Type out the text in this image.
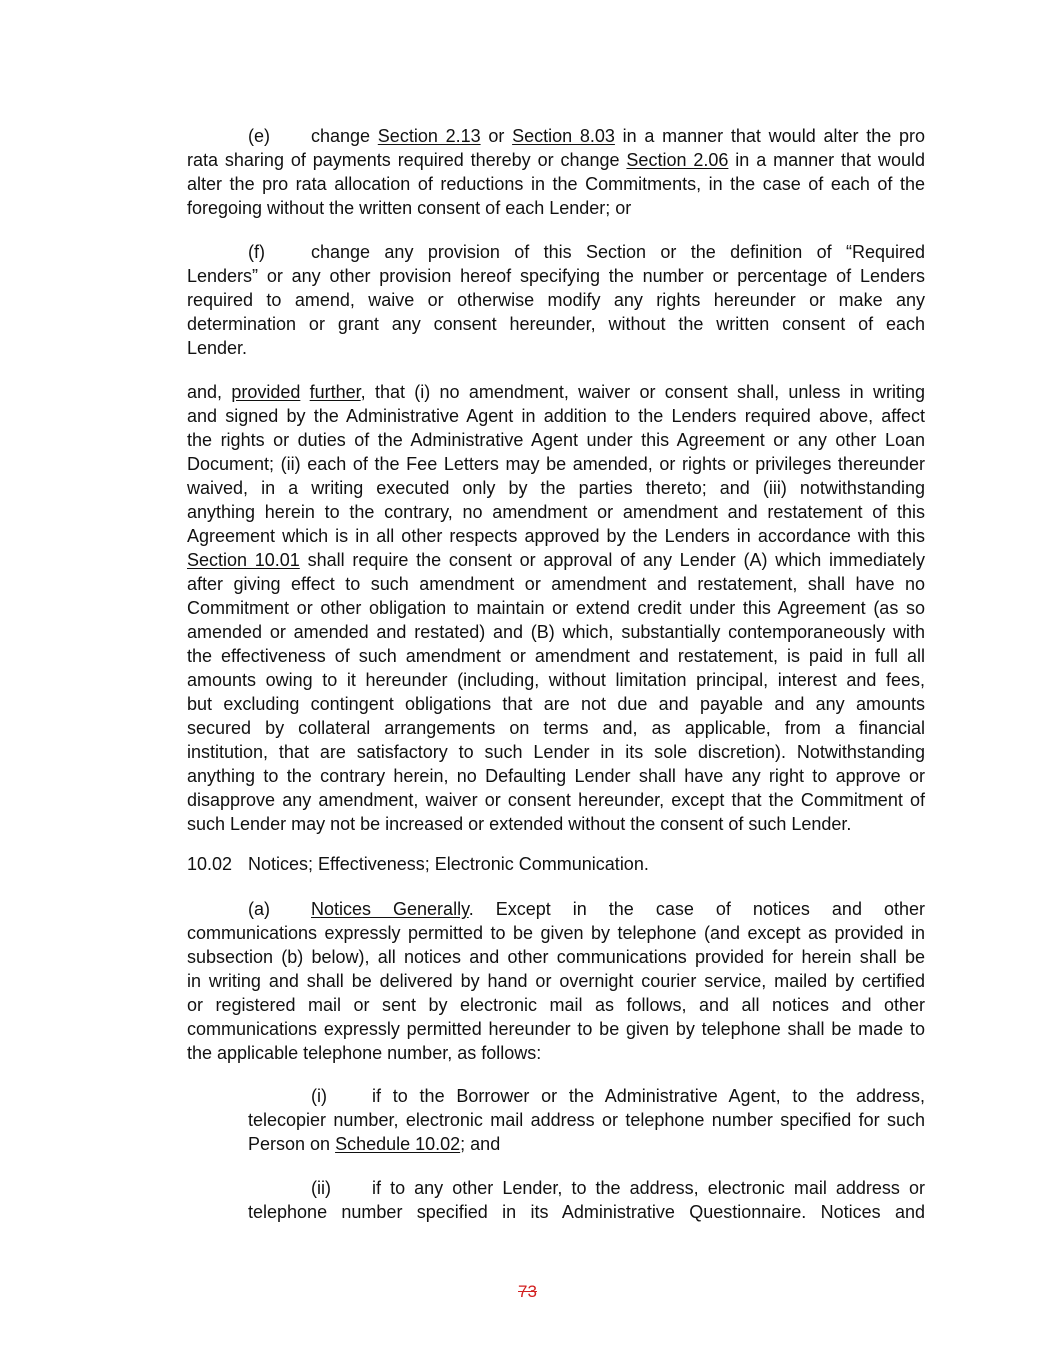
(e) change Section 2.13 or Section 8.03 in a manner that would alter the pro
rata sharing of payments required thereby or change Section 2.06 in a manner that would
alter the pro rata allocation of reductions in the Commitments, in the case of each of the
foregoing without the written consent of each Lender; or
(f)	change any provision of this Section or the definition of “Required
Lenders” or any other provision hereof specifying the number or percentage of Lenders
required to amend, waive or otherwise modify any rights hereunder or make any
determination or grant any consent hereunder, without the written consent of each
Lender.
and, provided further, that (i) no amendment, waiver or consent shall, unless in writing
and signed by the Administrative Agent in addition to the Lenders required above, affect
the rights or duties of the Administrative Agent under this Agreement or any other Loan
Document; (ii) each of the Fee Letters may be amended, or rights or privileges thereunder
waived, in a writing executed only by the parties thereto; and (iii) notwithstanding
anything herein to the contrary, no amendment or amendment and restatement of this
Agreement which is in all other respects approved by the Lenders in accordance with this
Section 10.01 shall require the consent or approval of any Lender (A) which immediately
after giving effect to such amendment or amendment and restatement, shall have no
Commitment or other obligation to maintain or extend credit under this Agreement (as so
amended or amended and restated) and (B) which, substantially contemporaneously with
the effectiveness of such amendment or amendment and restatement, is paid in full all
amounts owing to it hereunder (including, without limitation principal, interest and fees,
but excluding contingent obligations that are not due and payable and any amounts
secured by collateral arrangements on terms and, as applicable, from a financial
institution, that are satisfactory to such Lender in its sole discretion). Notwithstanding
anything to the contrary herein, no Defaulting Lender shall have any right to approve or
disapprove any amendment, waiver or consent hereunder, except that the Commitment of
such Lender may not be increased or extended without the consent of such Lender.
10.02 Notices; Effectiveness; Electronic Communication.
(a) Notices Generally. Except in the case of notices and other
communications expressly permitted to be given by telephone (and except as provided in
subsection (b) below), all notices and other communications provided for herein shall be
in writing and shall be delivered by hand or overnight courier service, mailed by certified
or registered mail or sent by electronic mail as follows, and all notices and other
communications expressly permitted hereunder to be given by telephone shall be made to
the applicable telephone number, as follows:
(i)	if to the Borrower or the Administrative Agent, to the address,
telecopier number, electronic mail address or telephone number specified for such
Person on Schedule 10.02; and
(ii) if to any other Lender, to the address, electronic mail address or
telephone number specified in its Administrative Questionnaire. Notices and
73
